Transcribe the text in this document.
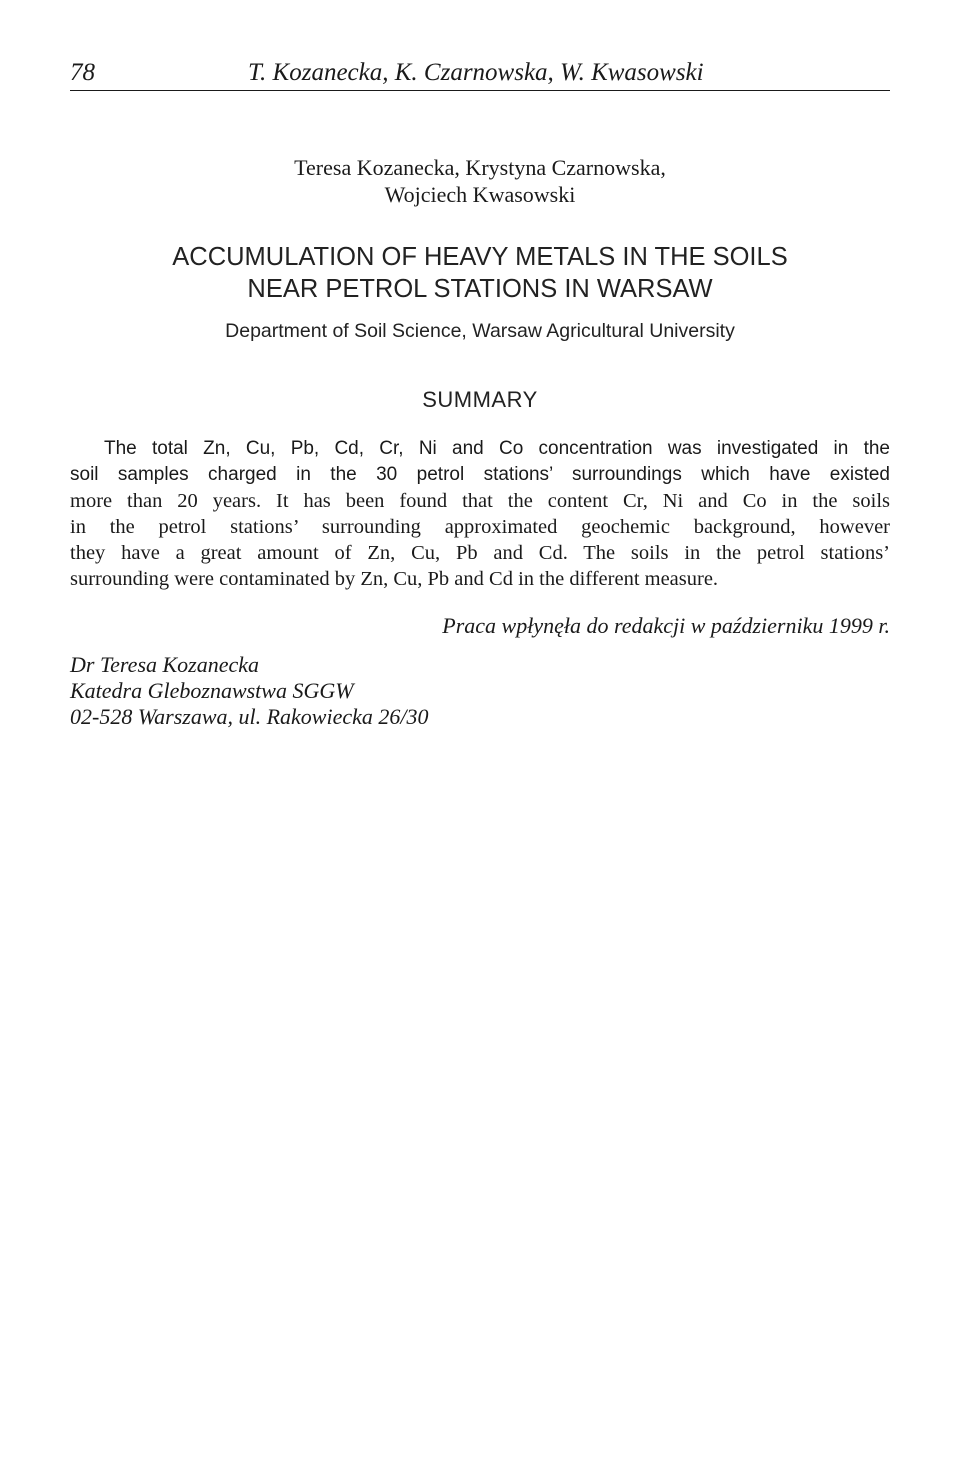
78	T. Kozanecka, K. Czarnowska, W. Kwasowski
Teresa Kozanecka, Krystyna Czarnowska,
Wojciech Kwasowski
ACCUMULATION OF HEAVY METALS IN THE SOILS
NEAR PETROL STATIONS IN WARSAW
Department of Soil Science, Warsaw Agricultural University
SUMMARY
The total Zn, Cu, Pb, Cd, Cr, Ni and Co concentration was investigated in the
soil samples charged in the 30 petrol stations’ surroundings which have existed
more than 20 years. It has been found that the content Cr, Ni and Co in the soils
in the petrol stations’ surrounding approximated geochemic background, however
they have a great amount of Zn, Cu, Pb and Cd. The soils in the petrol stations’
surrounding were contaminated by Zn, Cu, Pb and Cd in the different measure.
Praca wpłynęła do redakcji w październiku 1999 r.
Dr Teresa Kozanecka
Katedra Gleboznawstwa SGGW
02-528 Warszawa, ul. Rakowiecka 26/30
